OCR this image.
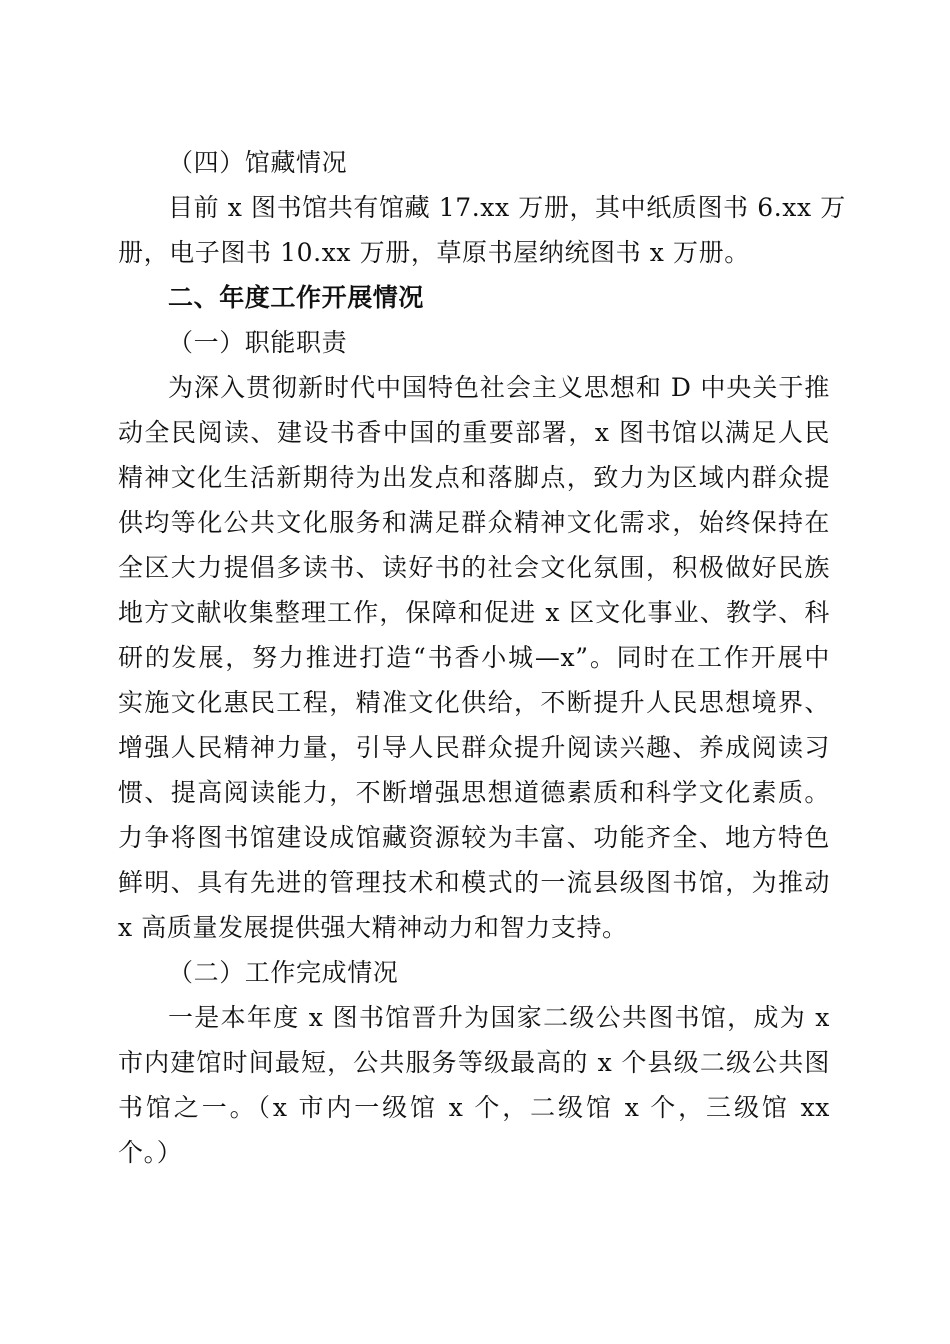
（四）馆藏情况
目前 x 图书馆共有馆藏 17.xx 万册，其中纸质图书 6.xx 万
册，电子图书 10.xx 万册，草原书屋纳统图书 x 万册。
二、年度工作开展情况
（一）职能职责
为深入贯彻新时代中国特色社会主义思想和 D 中央关于推
动全民阅读、建设书香中国的重要部署，x 图书馆以满足人民
精神文化生活新期待为出发点和落脚点，致力为区域内群众提
供均等化公共文化服务和满足群众精神文化需求，始终保持在
全区大力提倡多读书、读好书的社会文化氛围，积极做好民族
地方文献收集整理工作，保障和促进 x 区文化事业、教学、科
研的发展，努力推进打造“书香小城—x”。同时在工作开展中
实施文化惠民工程，精准文化供给，不断提升人民思想境界、
增强人民精神力量，引导人民群众提升阅读兴趣、养成阅读习
惯、提高阅读能力，不断增强思想道德素质和科学文化素质。
力争将图书馆建设成馆藏资源较为丰富、功能齐全、地方特色
鲜明、具有先进的管理技术和模式的一流县级图书馆，为推动
x 高质量发展提供强大精神动力和智力支持。
（二）工作完成情况
一是本年度 x 图书馆晋升为国家二级公共图书馆，成为 x
市内建馆时间最短，公共服务等级最高的 x 个县级二级公共图
书馆之一。（x 市内一级馆 x 个，二级馆 x 个，三级馆 xx
个。）
